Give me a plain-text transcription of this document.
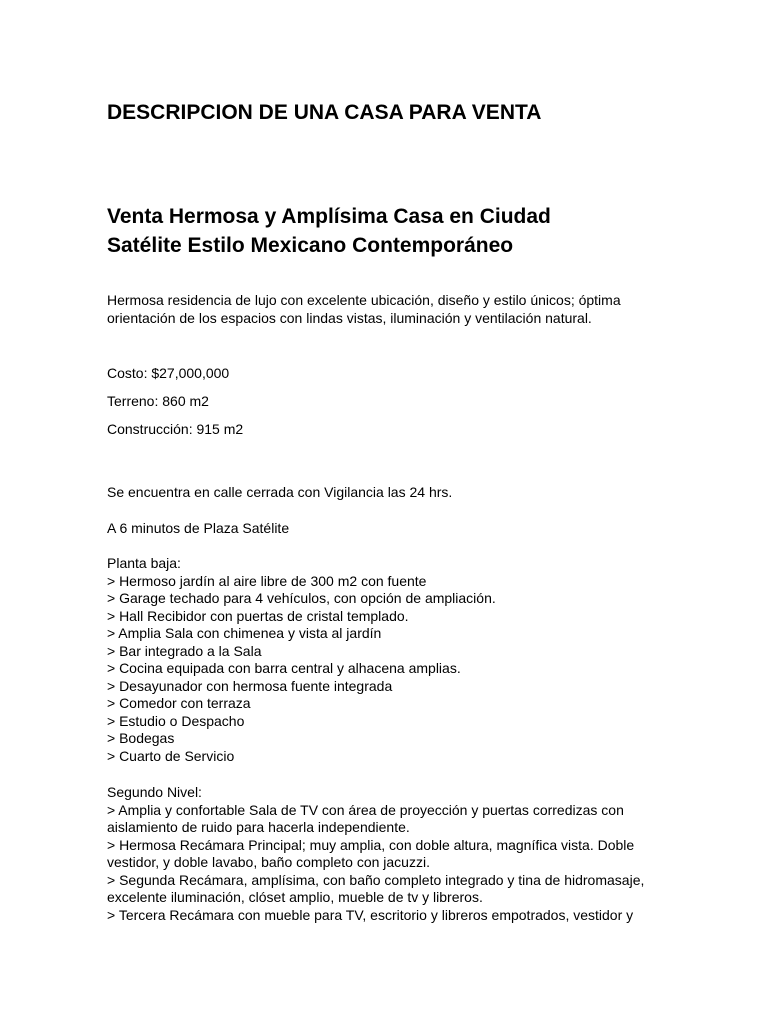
DESCRIPCION DE UNA CASA PARA VENTA
Venta Hermosa y Amplísima Casa en Ciudad
Satélite Estilo Mexicano Contemporáneo

Hermosa residencia de lujo con excelente ubicación, diseño y estilo únicos; óptima
orientación de los espacios con lindas vistas, iluminación y ventilación natural.

Costo: $27,000,000

Terreno: 860 m2

Construcción: 915 m2

Se encuentra en calle cerrada con Vigilancia las 24 hrs.

A 6 minutos de Plaza Satélite

Planta baja:
> Hermoso jardín al aire libre de 300 m2 con fuente
> Garage techado para 4 vehículos, con opción de ampliación.
> Hall Recibidor con puertas de cristal templado.
> Amplia Sala con chimenea y vista al jardín
> Bar integrado a la Sala
> Cocina equipada con barra central y alhacena amplias.
> Desayunador con hermosa fuente integrada
> Comedor con terraza
> Estudio o Despacho
> Bodegas
> Cuarto de Servicio
Segundo Nivel:
> Amplia y confortable Sala de TV con área de proyección y puertas corredizas con
aislamiento de ruido para hacerla independiente.
> Hermosa Recámara Principal; muy amplia, con doble altura, magnífica vista. Doble
vestidor, y doble lavabo, baño completo con jacuzzi.
> Segunda Recámara, amplísima, con baño completo integrado y tina de hidromasaje,
excelente iluminación, clóset amplio, mueble de tv y libreros.
> Tercera Recámara con mueble para TV, escritorio y libreros empotrados, vestidor y
